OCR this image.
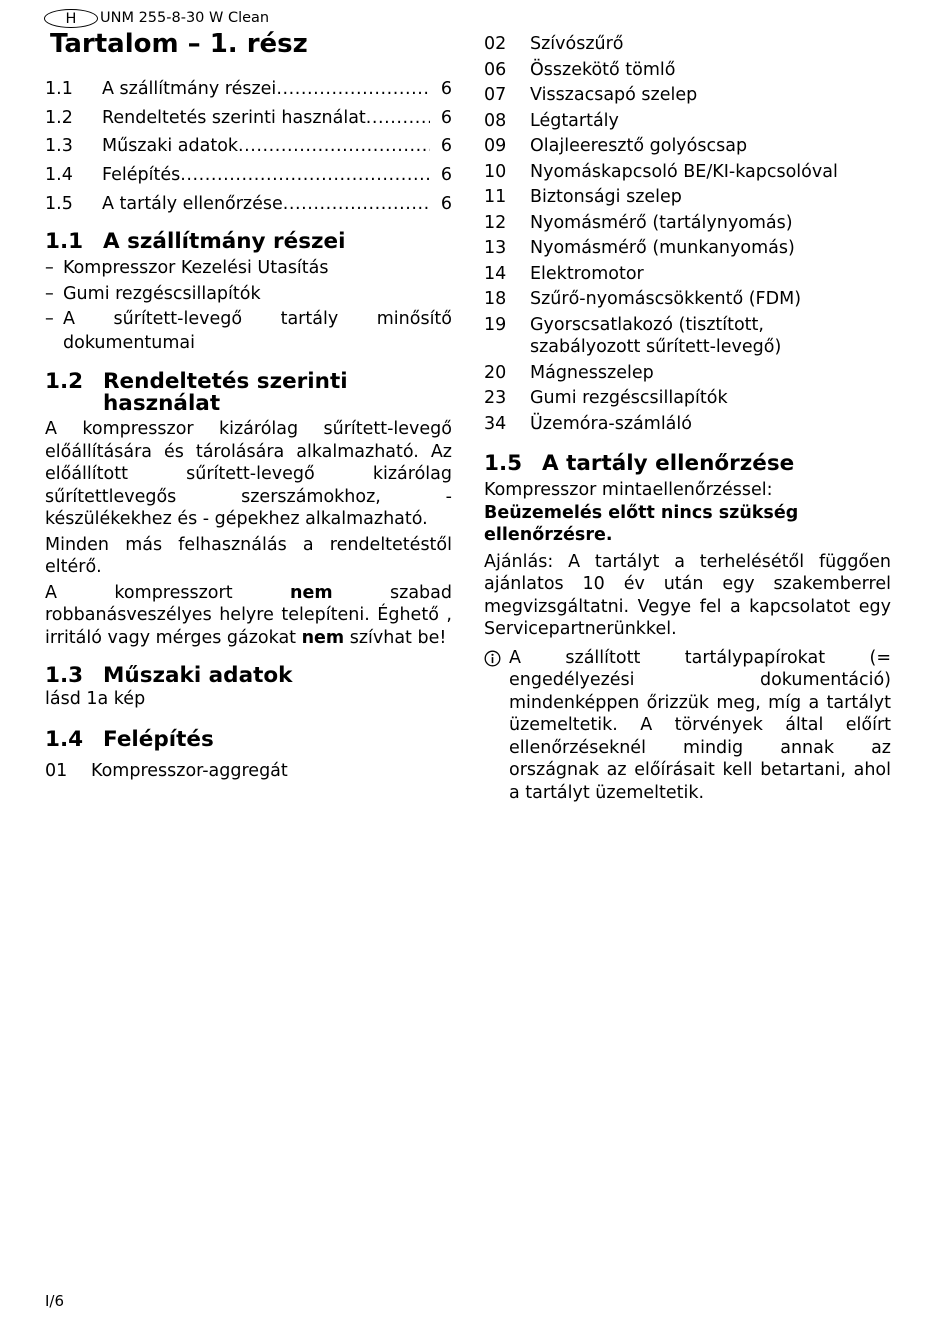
H	UNM 255-8-30 W Clean
Tartalom – 1. rész
1.1	A szállítmány részei . . .	6
1.2	Rendeltetés szerinti használat . . .	6
1.3	Műszaki adatok . . .	6
1.4	Felépítés . . .	6
1.5	A tartály ellenőrzése . . .	6
1.1 A szállítmány részei
– Kompresszor Kezelési Utasítás
– Gumi rezgéscsillapítók
– A sűrített-levegő tartály minősítő dokumentumai
1.2 Rendeltetés szerinti használat

A kompresszor kizárólag sűrített-levegő előállítására és tárolására alkalmazható. Az előállított sűrített-levegő kizárólag sűrítettlevegős szerszámokhoz, - készülékekhez és - gépekhez alkalmazható.

Minden más felhasználás a rendeltetéstől eltérő.

A kompresszort nem szabad robbanásveszélyes helyre telepíteni. Éghető , irritáló vagy mérges gázokat nem szívhat be!

1.3 Műszaki adatok

lásd 1a kép

1.4 Felépítés
01	Kompresszor-aggregát
02	Szívószűrő
06	Összekötő tömlő
07	Visszacsapó szelep
08	Légtartály
09	Olajleeresztő golyóscsap
10	Nyomáskapcsoló BE/KI-kapcsolóval
11	Biztonsági szelep
12	Nyomásmérő (tartálynyomás)
13	Nyomásmérő (munkanyomás)
14	Elektromotor
18	Szűrő-nyomáscsökkentő (FDM)
19	Gyorscsatlakozó (tisztított, szabályozott sűrített-levegő)
20	Mágnesszelep
23	Gumi rezgéscsillapítók
34	Üzemóra-számláló
1.5 A tartály ellenőrzése

Kompresszor mintaellenőrzéssel: Beüzemelés előtt nincs szükség ellenőrzésre.

Ajánlás: A tartályt a terhelésétől függően ajánlatos 10 év után egy szakemberrel megvizsgáltatni. Vegye fel a kapcsolatot egy Servicepartnerünkkel.

A szállított tartálypapírokat (= engedélyezési dokumentáció) mindenképpen őrizzük meg, míg a tartályt üzemeltetik. A törvények által előírt ellenőrzéseknél mindig annak az országnak az előírásait kell betartani, ahol a tartályt üzemeltetik.

I/6
